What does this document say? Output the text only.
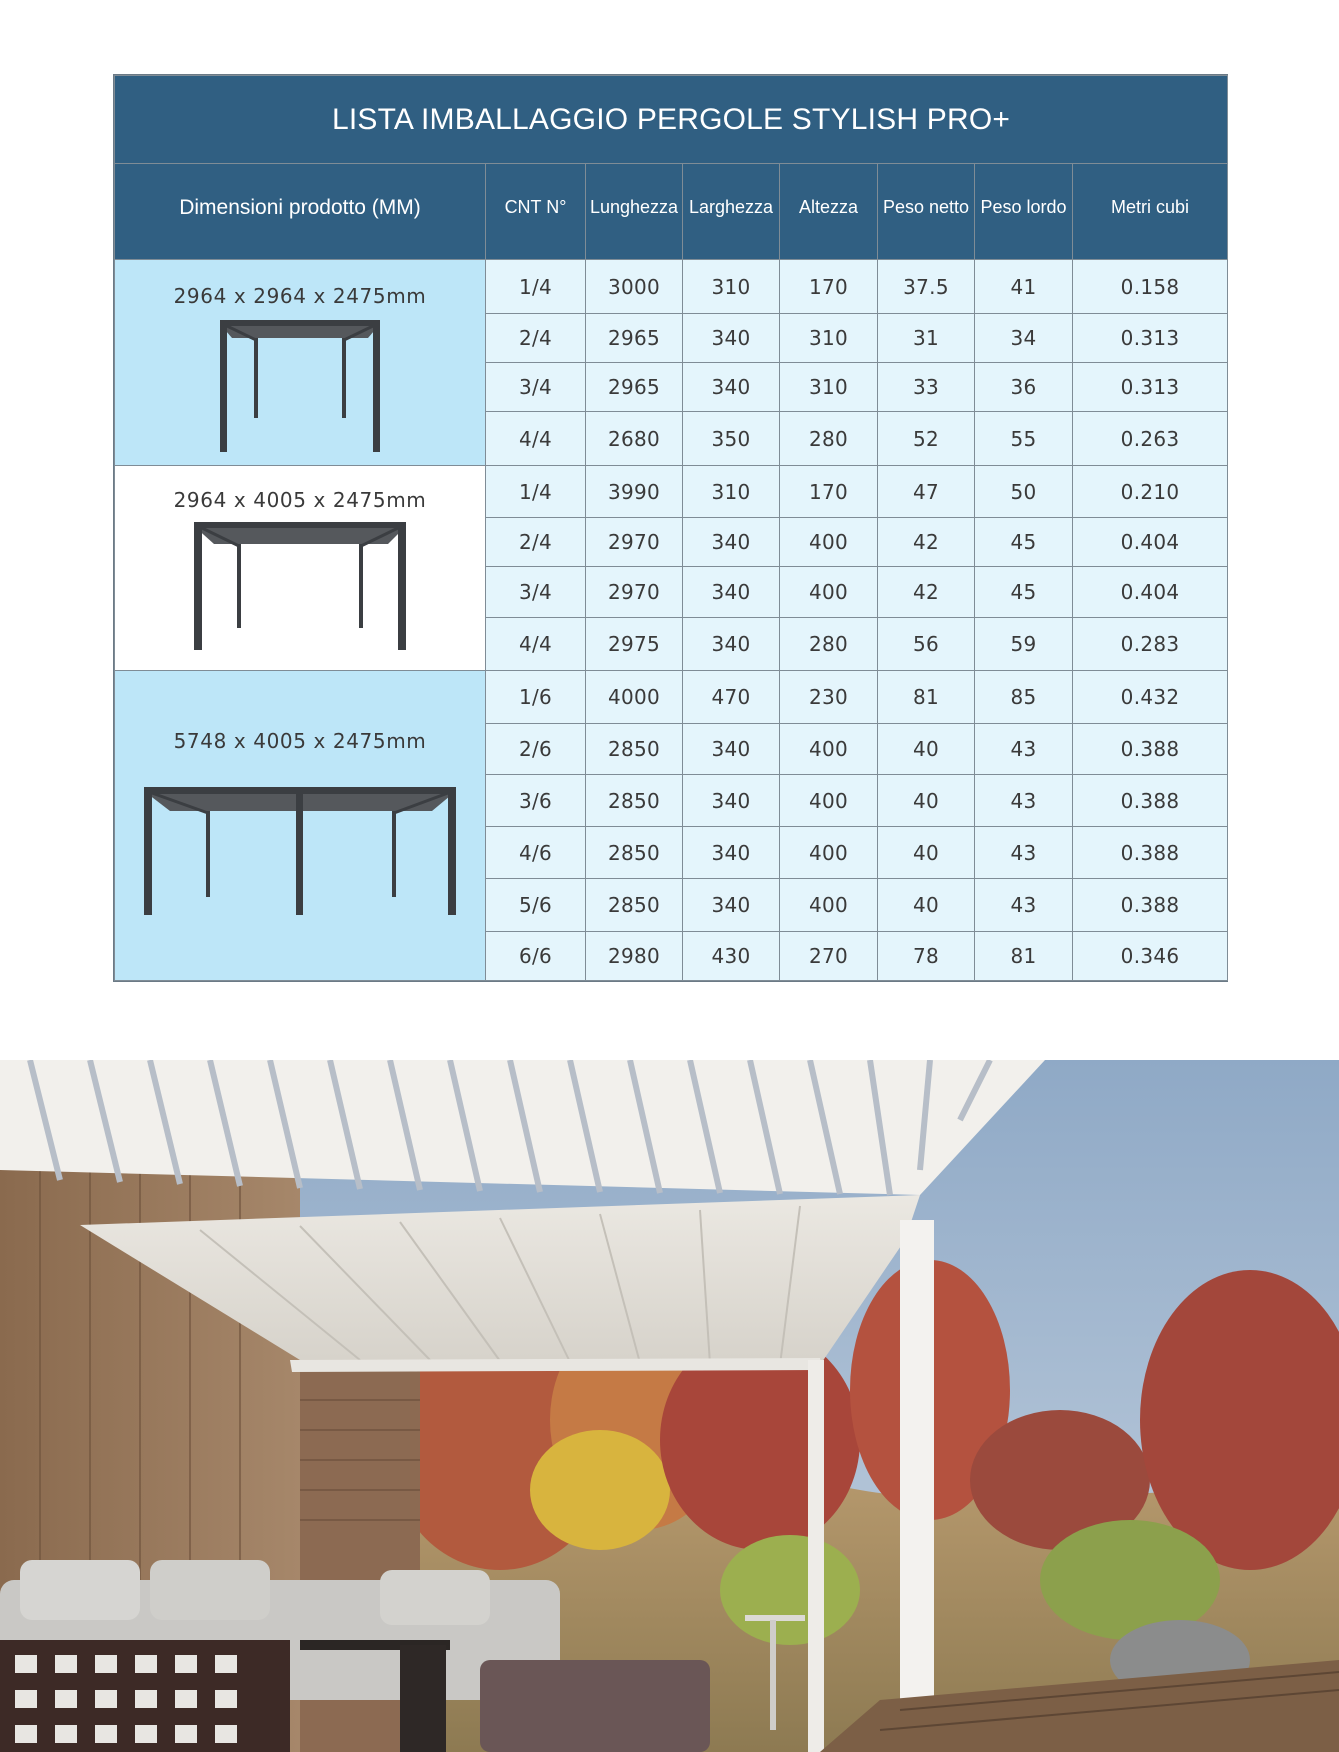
LISTA IMBALLAGGIO PERGOLE STYLISH PRO+							
Dimensioni prodotto (MM)	CNT N°	Lunghezza	Larghezza	Altezza	Peso netto	Peso lordo	Metri cubi

2964 x 2964 x 2475mm	1/4	3000	310	170	37.5	41	0.158
	2/4	2965	340	310	31	34	0.313
	3/4	2965	340	310	33	36	0.313
	4/4	2680	350	280	52	55	0.263

2964 x 4005 x 2475mm	1/4	3990	310	170	47	50	0.210
	2/4	2970	340	400	42	45	0.404
	3/4	2970	340	400	42	45	0.404
	4/4	2975	340	280	56	59	0.283

5748 x 4005 x 2475mm	1/6	4000	470	230	81	85	0.432
	2/6	2850	340	400	40	43	0.388
	3/6	2850	340	400	40	43	0.388
	4/6	2850	340	400	40	43	0.388
	5/6	2850	340	400	40	43	0.388
	6/6	2980	430	270	78	81	0.346
